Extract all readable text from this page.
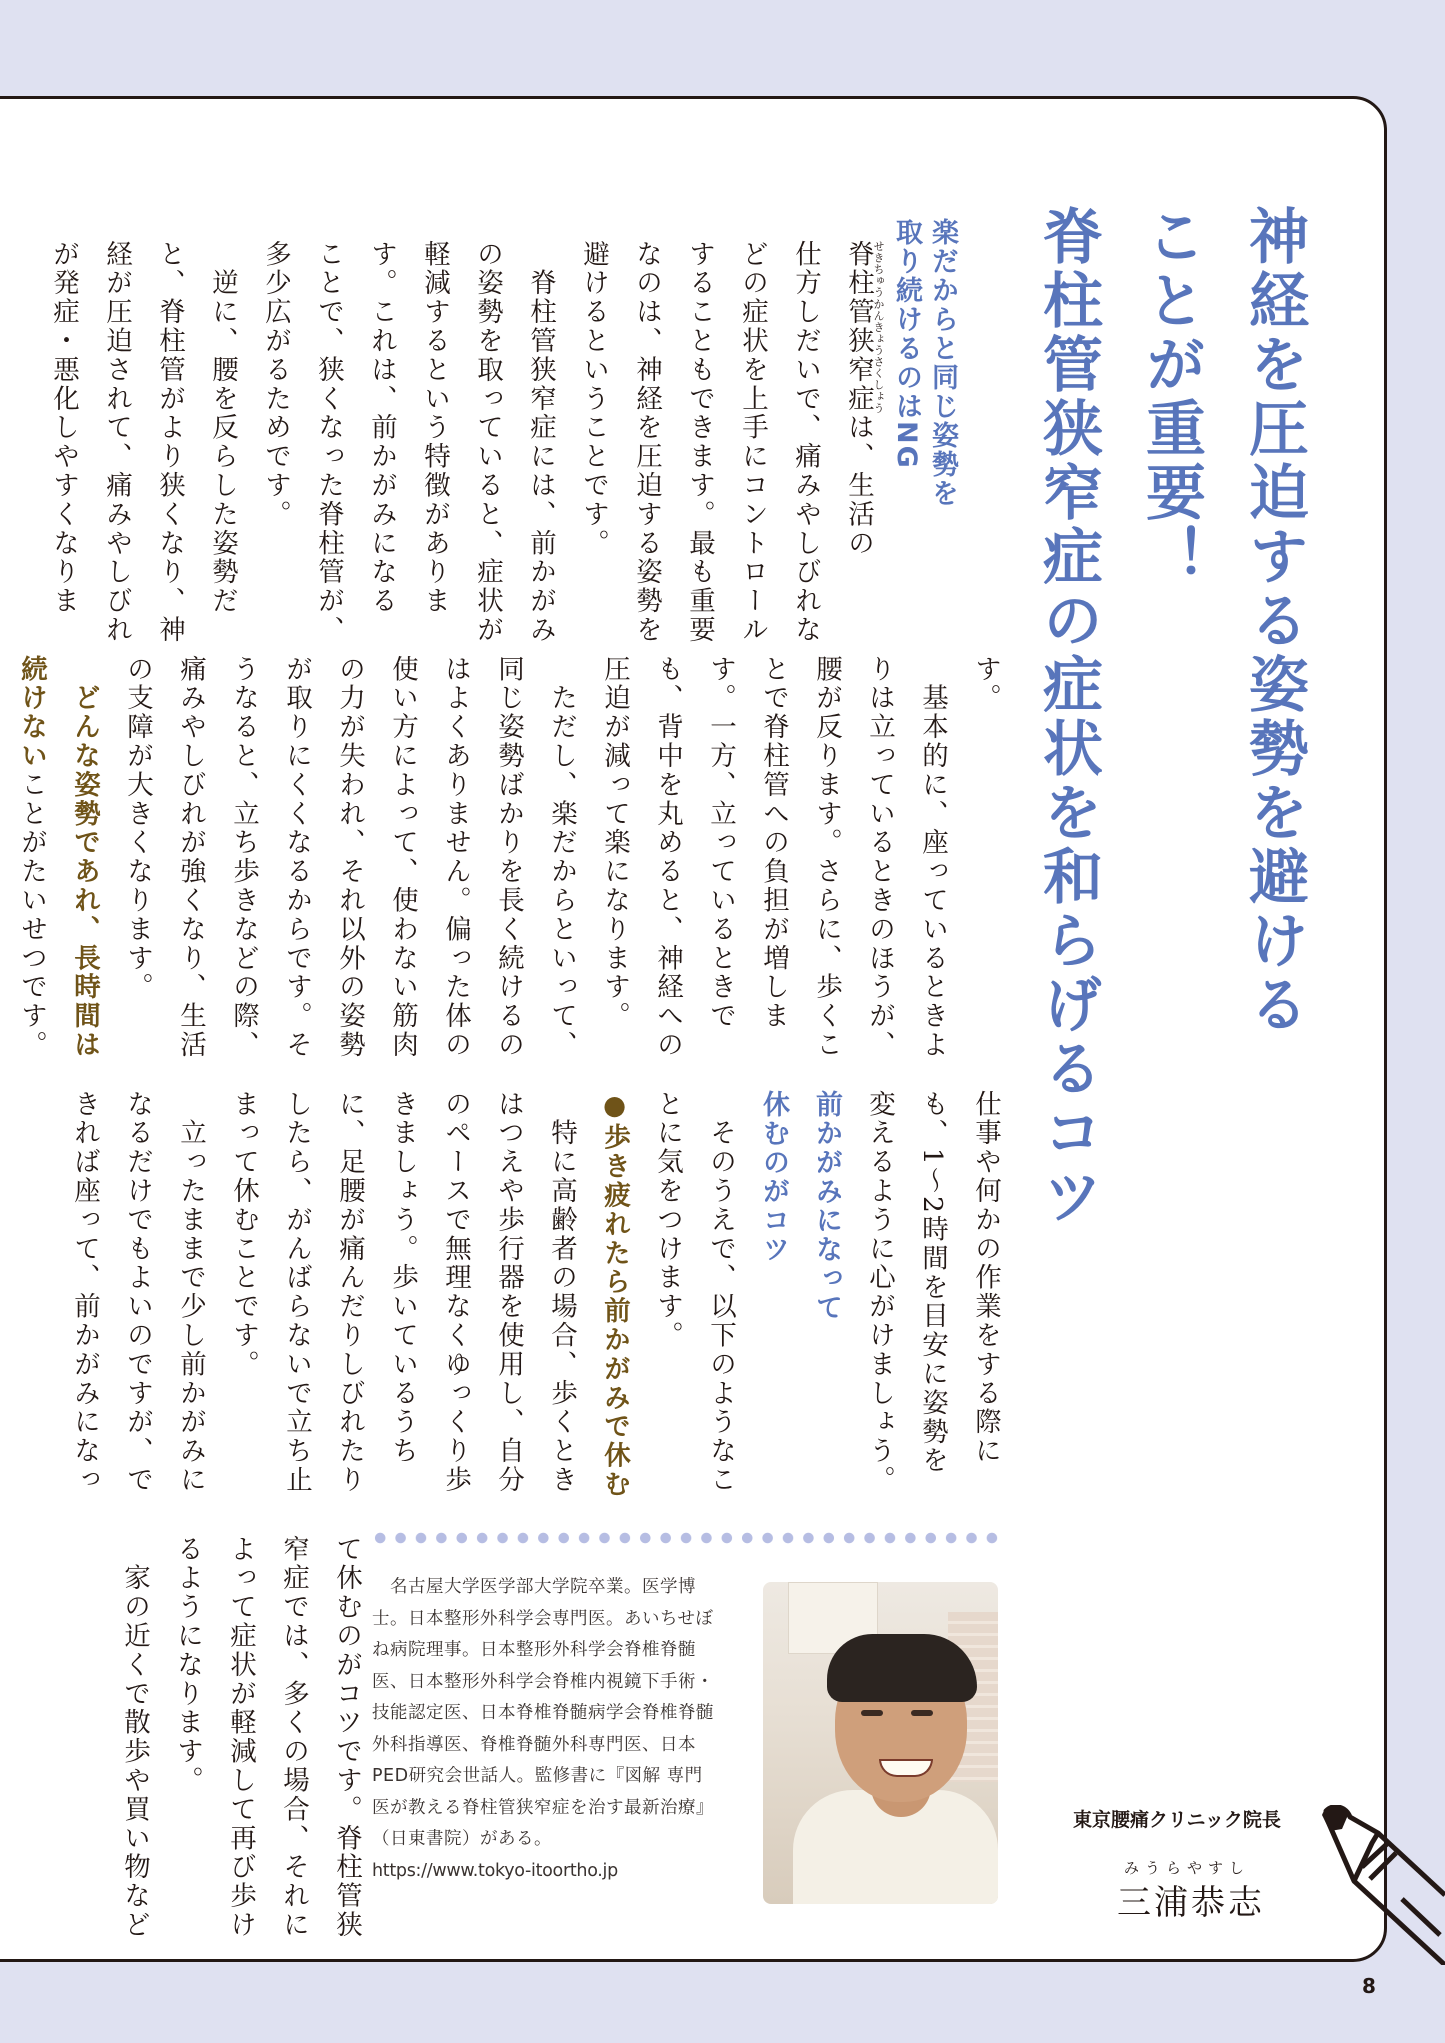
神経を圧迫する姿勢を避ける
ことが重要！
脊柱管狭窄症の症状を和らげるコツ
楽だからと同じ姿勢を
取り続けるのはNG
脊柱管狭窄症せきちゅうかんきょうさくしょうは、生活の
仕方しだいで、痛みやしびれな
どの症状を上手にコントロール
することもできます。最も重要
なのは、神経を圧迫する姿勢を
避けるということです。
　脊柱管狭窄症には、前かがみ
の姿勢を取っていると、症状が
軽減するという特徴がありま
す。これは、前かがみになる
ことで、狭くなった脊柱管が、
多少広がるためです。
　逆に、腰を反らした姿勢だ
と、脊柱管がより狭くなり、神
経が圧迫されて、痛みやしびれ
が発症・悪化しやすくなりま
す。
　基本的に、座っているときよ
りは立っているときのほうが、
腰が反ります。さらに、歩くこ
とで脊柱管への負担が増しま
す。一方、立っているときで
も、背中を丸めると、神経への
圧迫が減って楽になります。
　ただし、楽だからといって、
同じ姿勢ばかりを長く続けるの
はよくありません。偏った体の
使い方によって、使わない筋肉
の力が失われ、それ以外の姿勢
が取りにくくなるからです。そ
うなると、立ち歩きなどの際、
痛みやしびれが強くなり、生活
の支障が大きくなります。
　どんな姿勢であれ、長時間は
続けないことがたいせつです。
仕事や何かの作業をする際に
も、1～2時間を目安に姿勢を
変えるように心がけましょう。
前かがみになって
休むのがコツ
　そのうえで、以下のようなこ
とに気をつけます。
●歩き疲れたら前かがみで休む
　特に高齢者の場合、歩くとき
はつえや歩行器を使用し、自分
のペースで無理なくゆっくり歩
きましょう。歩いているうち
に、足腰が痛んだりしびれたり
したら、がんばらないで立ち止
まって休むことです。
　立ったままで少し前かがみに
なるだけでもよいのですが、で
きれば座って、前かがみになっ
て休むのがコツです。脊柱管狭
窄症では、多くの場合、それに
よって症状が軽減して再び歩け
るようになります。
　家の近くで散歩や買い物など	　名古屋大学医学部大学院卒業。医学博
士。日本整形外科学会専門医。あいちせぼ
ね病院理事。日本整形外科学会脊椎脊髄
医、日本整形外科学会脊椎内視鏡下手術・
技能認定医、日本脊椎脊髄病学会脊椎脊髄
外科指導医、脊椎脊髄外科専門医、日本
PED研究会世話人。監修書に『図解 専門
医が教える脊柱管狭窄症を治す最新治療』
（日東書院）がある。
https://www.tokyo-itoortho.jp
東京腰痛クリニック院長
みうらやすし
三浦恭志
8
